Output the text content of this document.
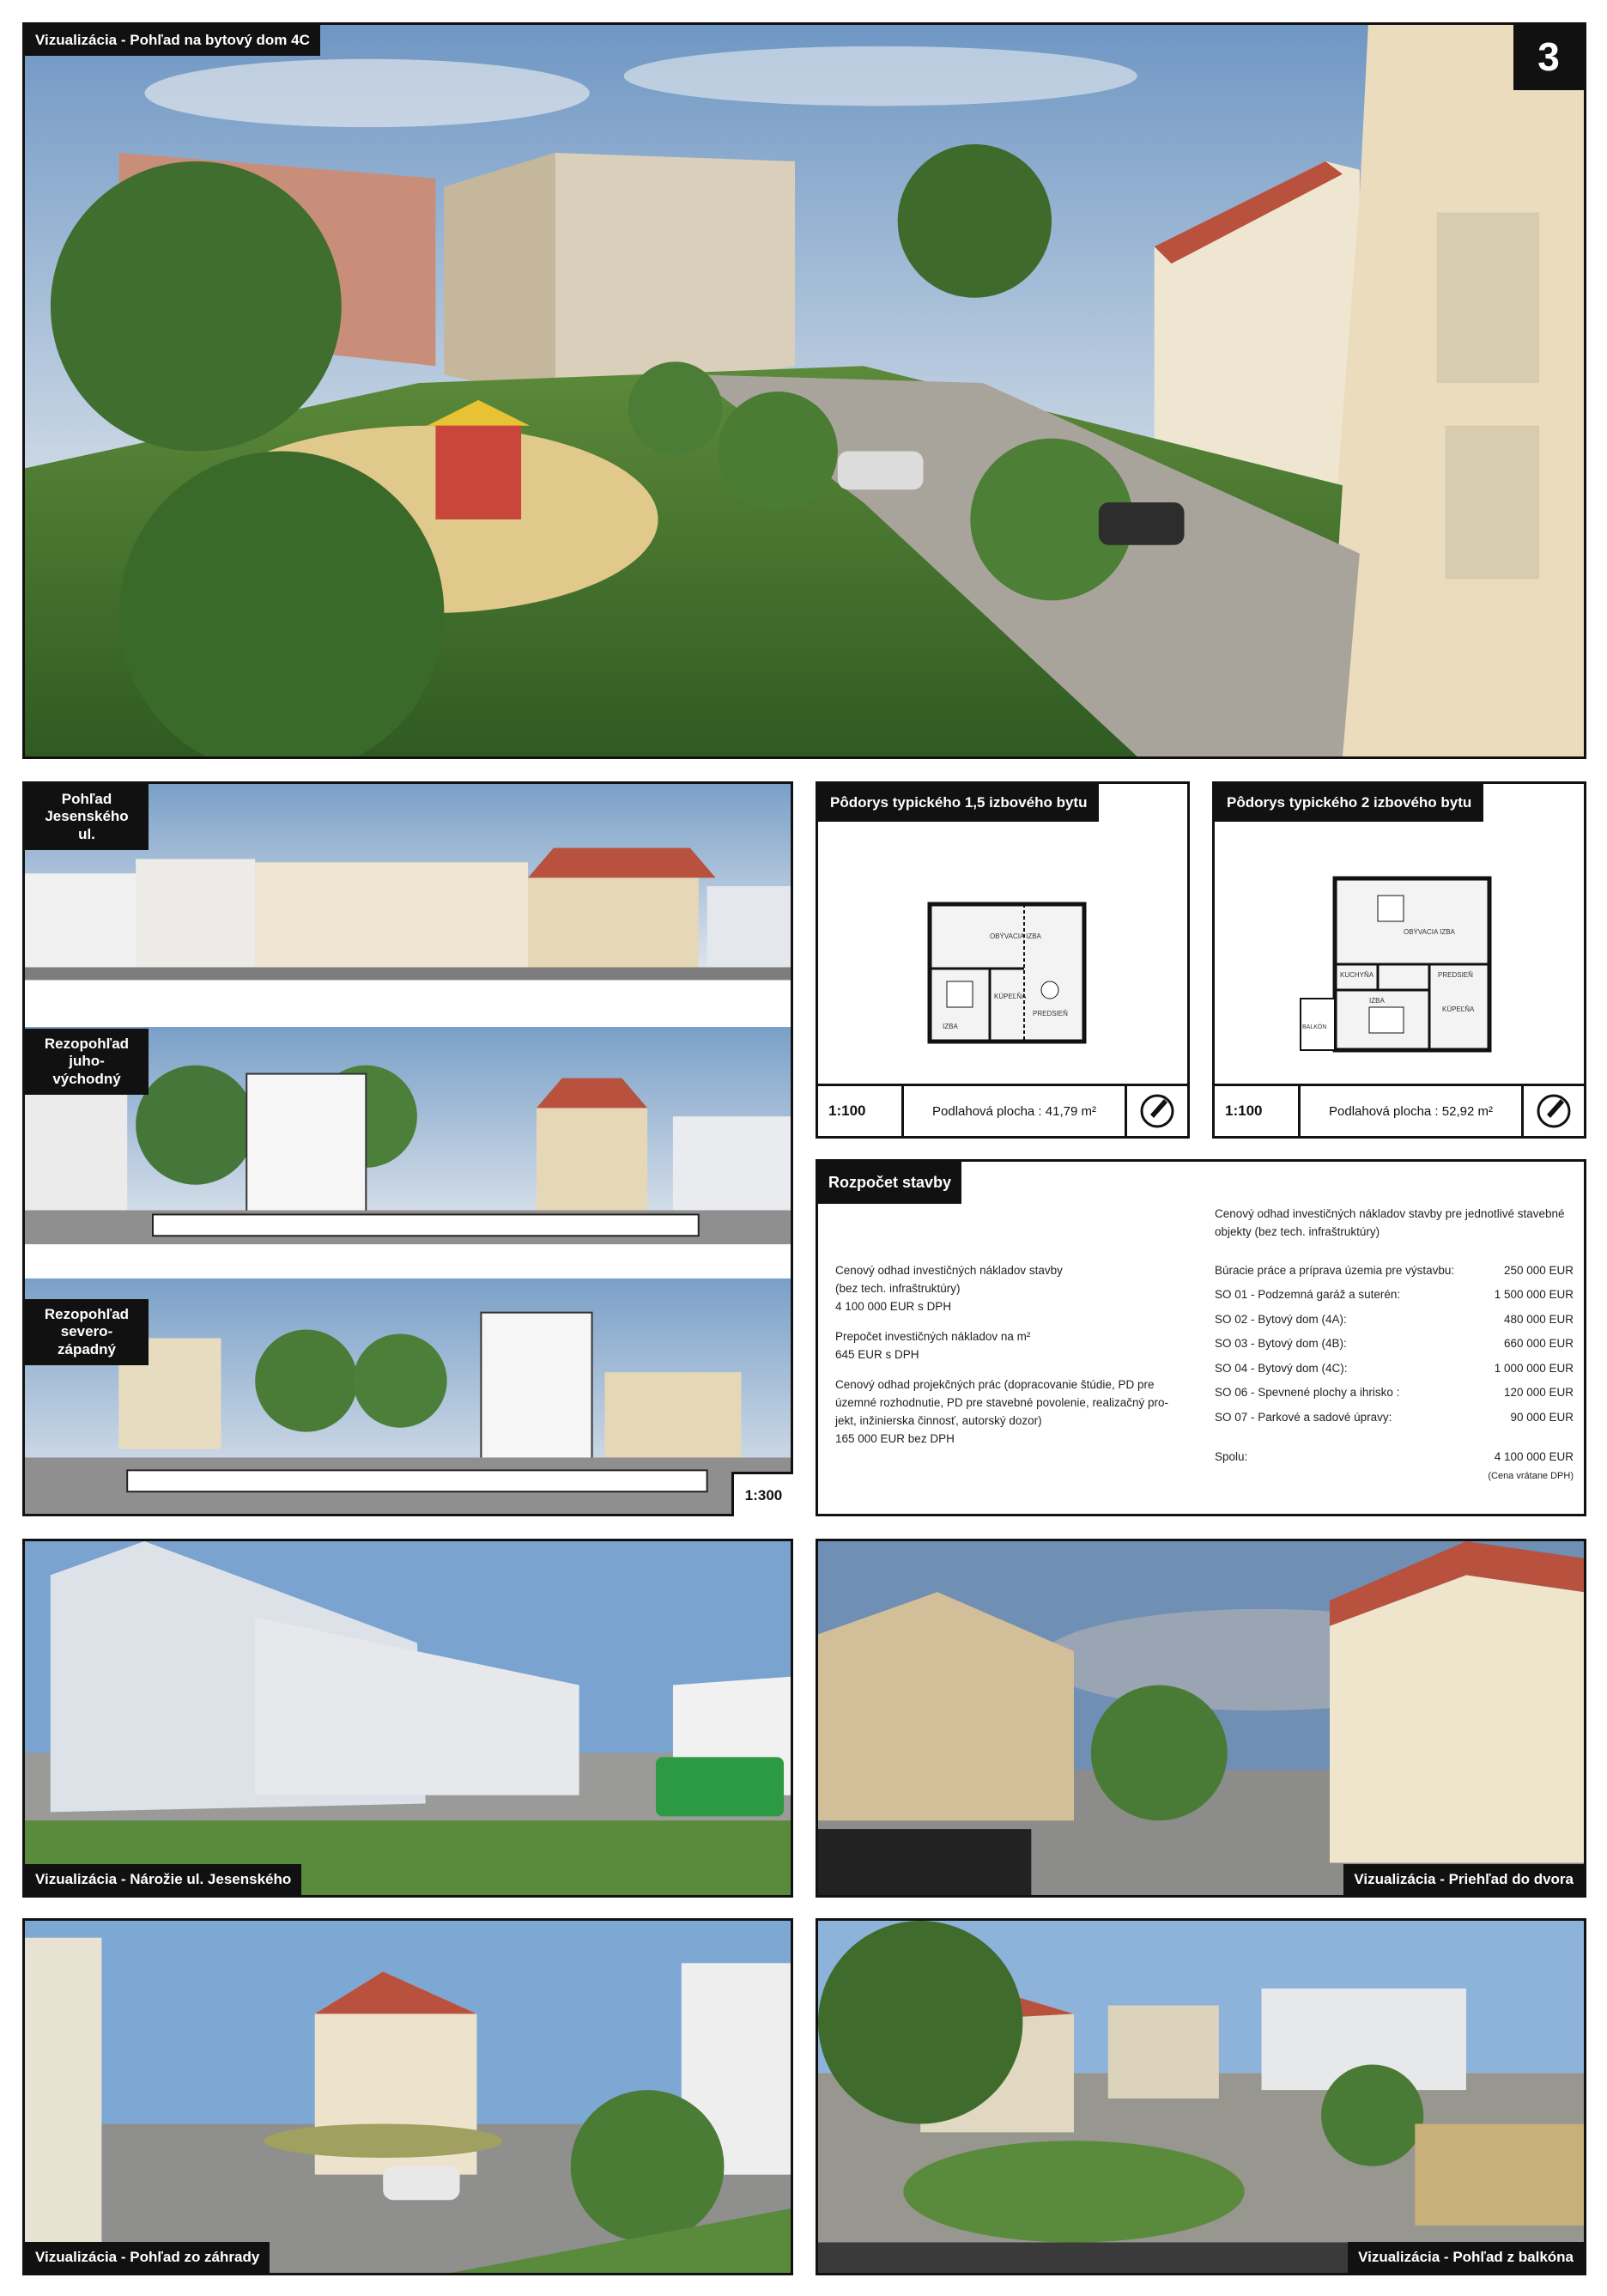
Vizualizácia - Pohľad na bytový dom 4C	3
Pohľad Jesenského ul.
Rezopohľad juho-východný
Rezopohľad severo-západný
1:300
Pôdorys typického 1,5 izbového bytu
OBÝVACIA IZBA
IZBA
KÚPEĽŇA
PREDSIEŇ
1:100	Podlahová plocha :
41,79 m²
Pôdorys typického 2 izbového bytu
OBÝVACIA IZBA
KUCHYŇA	PREDSIEŇ
IZBA
KÚPEĽŇA
BALKÓN
1:100	Podlahová plocha :
52,92 m²
Rozpočet stavby

Cenový odhad investičných nákladov stavby
(bez tech. infraštruktúry)
4 100 000 EUR s DPH

Prepočet investičných nákladov na m²
645 EUR s DPH

Cenový odhad projekčných prác (dopracovanie štúdie, PD pre
územné rozhodnutie, PD pre stavebné povolenie, realizačný pro-
jekt, inžinierska činnosť, autorský dozor)
165 000 EUR bez DPH

Cenový odhad investičných nákladov stavby pre jednotlivé stavebné
objekty (bez tech. infraštruktúry)
Búracie práce a príprava územia pre výstavbu:	250 000 EUR
SO 01 - Podzemná garáž a suterén:	1 500 000 EUR
SO 02 - Bytový dom (4A):	480 000 EUR
SO 03 - Bytový dom (4B):	660 000 EUR
SO 04 - Bytový dom (4C):	1 000 000 EUR
SO 06 - Spevnené plochy a ihrisko :	120 000 EUR
SO 07 - Parkové a sadové úpravy:	90 000 EUR
Spolu:	4 100 000 EUR
(Cena vrátane DPH)
Vizualizácia - Nárožie ul. Jesenského	Vizualizácia - Priehľad do dvora
Vizualizácia - Pohľad zo záhrady	Vizualizácia - Pohľad z balkóna
